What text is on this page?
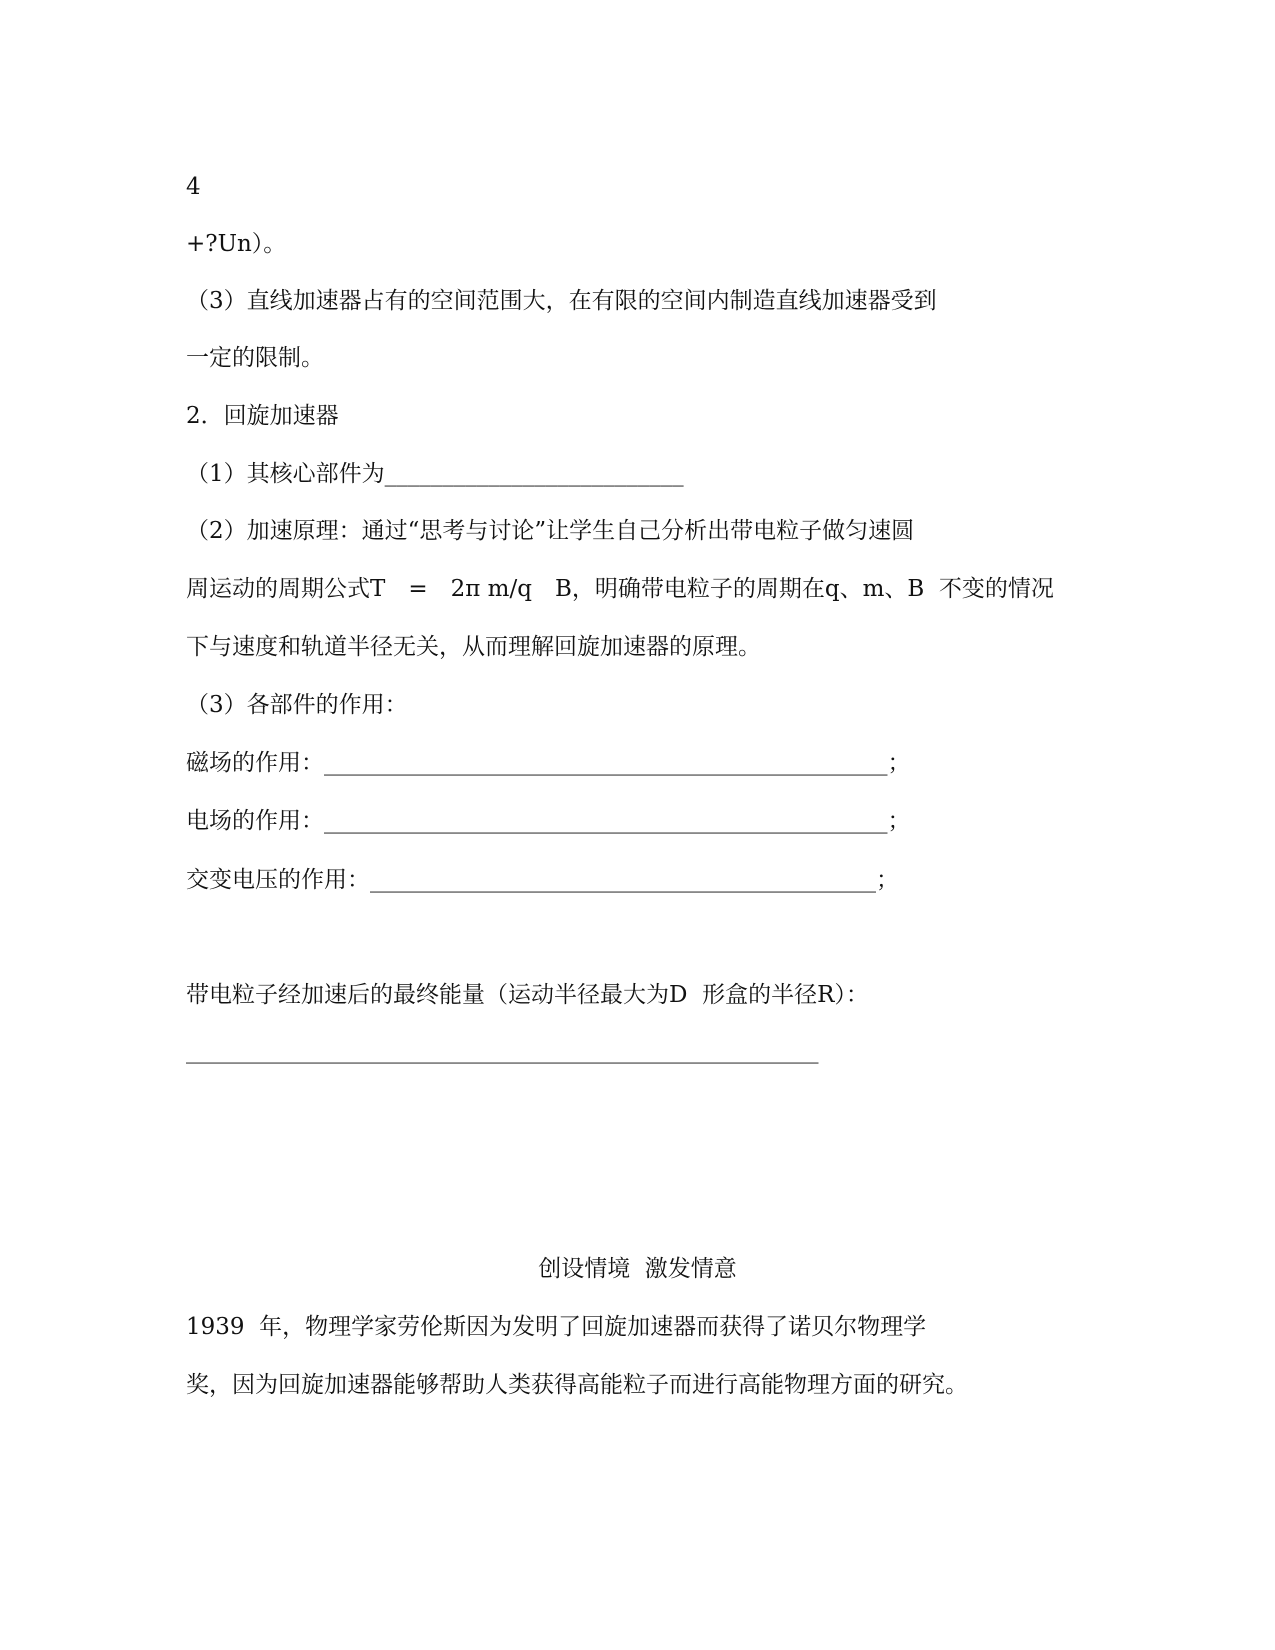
4
+?Un）。
（3）直线加速器占有的空间范围大，在有限的空间内制造直线加速器受到
一定的限制。
2．回旋加速器
（1）其核心部件为__________________________
（2）加速原理：通过“思考与讨论”让学生自己分析出带电粒子做匀速圆
周运动的周期公式T　=　2π m/q　B，明确带电粒子的周期在q、m、B  不变的情况
下与速度和轨道半径无关，从而理解回旋加速器的原理。
（3）各部件的作用：
磁场的作用：_________________________________________________；
电场的作用：_________________________________________________；
交变电压的作用：____________________________________________；
带电粒子经加速后的最终能量（运动半径最大为D  形盒的半径R）：
_______________________________________________________
创设情境  激发情意
1939  年，物理学家劳伦斯因为发明了回旋加速器而获得了诺贝尔物理学
奖，因为回旋加速器能够帮助人类获得高能粒子而进行高能物理方面的研究。
